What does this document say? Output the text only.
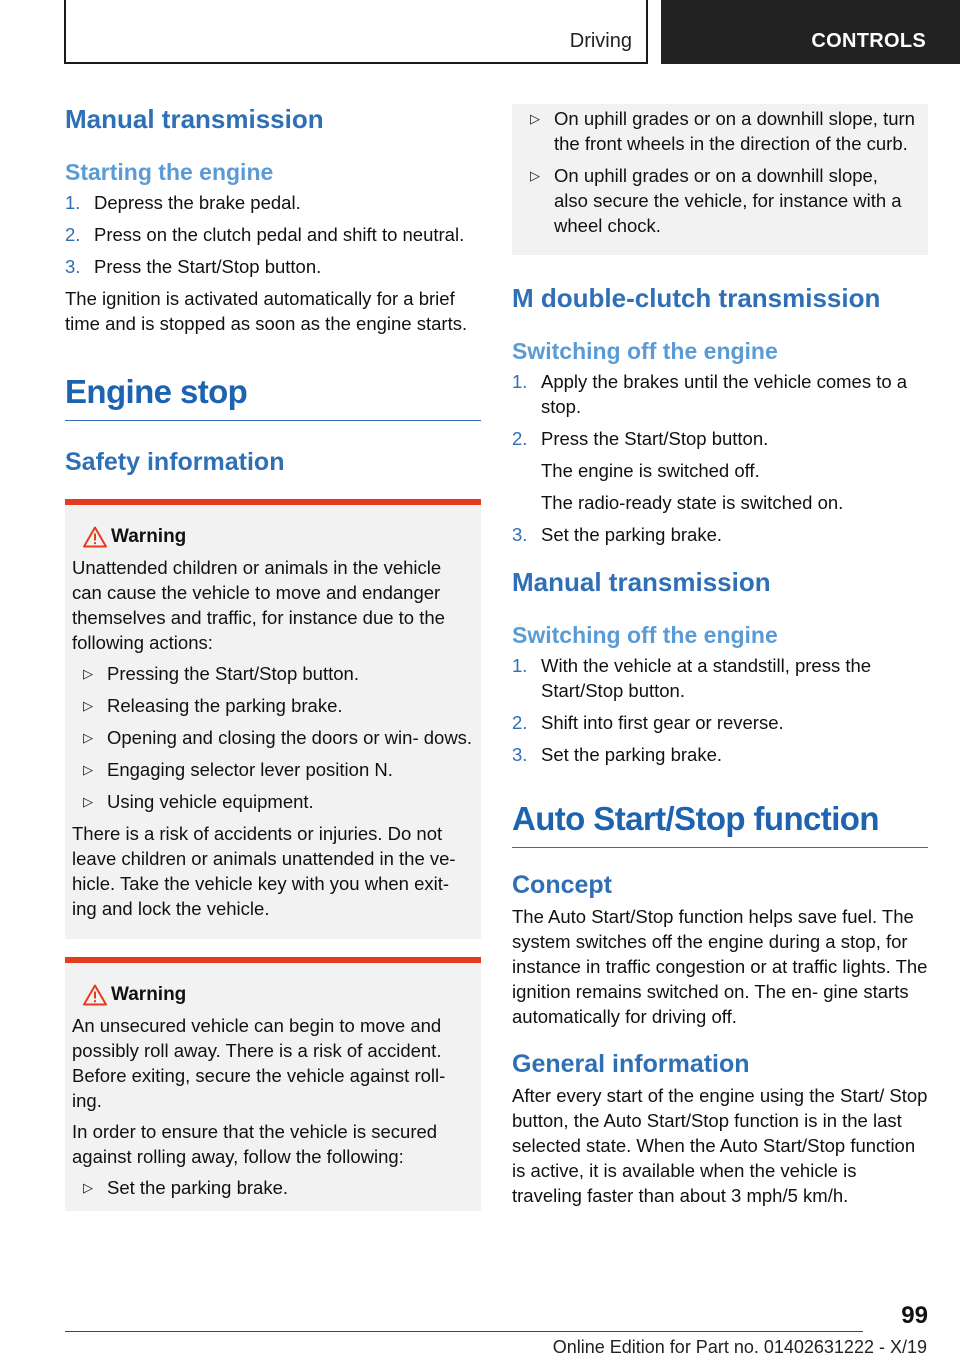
Driving	CONTROLS
Manual transmission
Starting the engine
1. Depress the brake pedal.
2. Press on the clutch pedal and shift to neutral.
3. Press the Start/Stop button.

The ignition is activated automatically for a brief time and is stopped as soon as the engine starts.

Engine stop
Safety information
Warning

Unattended children or animals in the vehicle can cause the vehicle to move and endanger themselves and traffic, for instance due to the following actions:

▷ Pressing the Start/Stop button.
▷ Releasing the parking brake.
▷ Opening and closing the doors or win‐ dows.
▷ Engaging selector lever position N.
▷ Using vehicle equipment.

There is a risk of accidents or injuries. Do not leave children or animals unattended in the ve‐ hicle. Take the vehicle key with you when exit‐ ing and lock the vehicle.

Warning

An unsecured vehicle can begin to move and possibly roll away. There is a risk of accident. Before exiting, secure the vehicle against roll‐ ing.

In order to ensure that the vehicle is secured against rolling away, follow the following:

▷ Set the parking brake.
▷ On uphill grades or on a downhill slope, turn the front wheels in the direction of the curb.
▷ On uphill grades or on a downhill slope, also secure the vehicle, for instance with a wheel chock.
M double-clutch transmission
Switching off the engine
1. Apply the brakes until the vehicle comes to a stop.
2. Press the Start/Stop button.
The engine is switched off.
The radio-ready state is switched on.
3. Set the parking brake.
Manual transmission
Switching off the engine
1. With the vehicle at a standstill, press the Start/Stop button.
2. Shift into first gear or reverse.
3. Set the parking brake.
Auto Start/Stop function
Concept

The Auto Start/Stop function helps save fuel. The system switches off the engine during a stop, for instance in traffic congestion or at traffic lights. The ignition remains switched on. The en‐ gine starts automatically for driving off.

General information

After every start of the engine using the Start/ Stop button, the Auto Start/Stop function is in the last selected state. When the Auto Start/Stop function is active, it is available when the vehicle is traveling faster than about 3 mph/5 km/h.

99
Online Edition for Part no. 01402631222 - X/19
